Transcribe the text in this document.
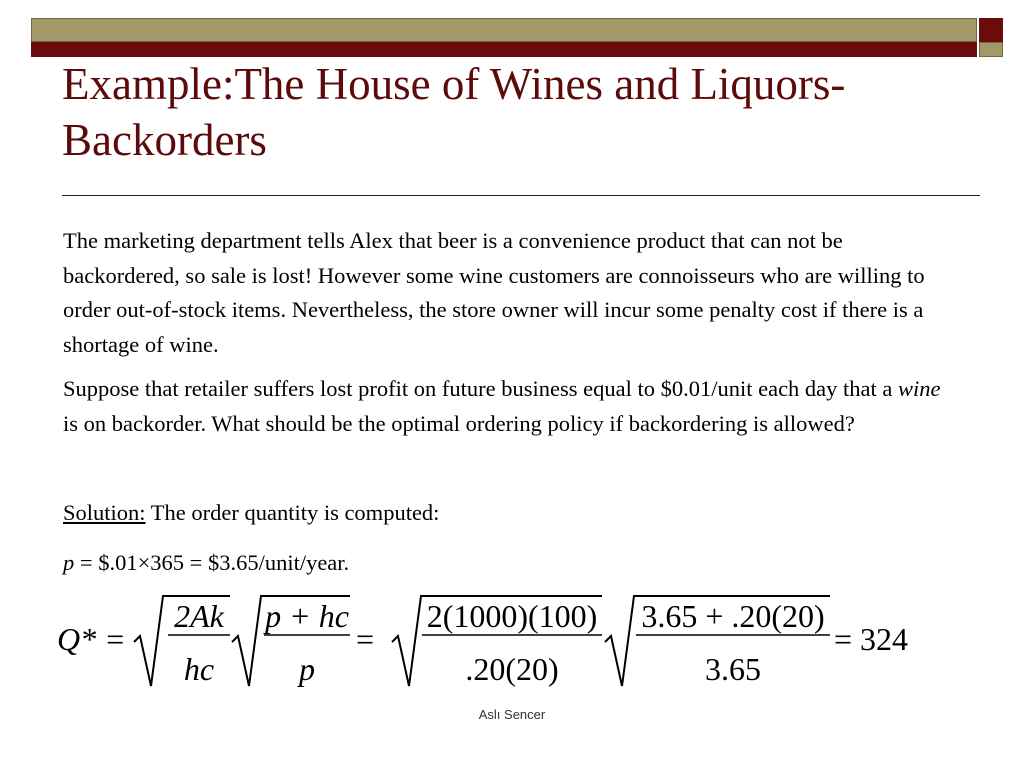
Example:The House of Wines and Liquors-Backorders

The marketing department tells Alex that beer is a convenience product that can not be backordered, so sale is lost! However some wine customers are connoisseurs who are willing to order out-of-stock items. Nevertheless, the store owner will incur some penalty cost if there is a shortage of wine.

Suppose that retailer suffers lost profit on future business equal to $0.01/unit each day that a wine is on backorder. What should be the optimal ordering policy if backordering is allowed?

Solution: The order quantity is computed:

p = $.01×365 = $3.65/unit/year.

Q* =
2Ak
hc
p + hc
p
=
2(1000)(100)
.20(20)
3.65 + .20(20)
3.65
= 324
Aslı Sencer
